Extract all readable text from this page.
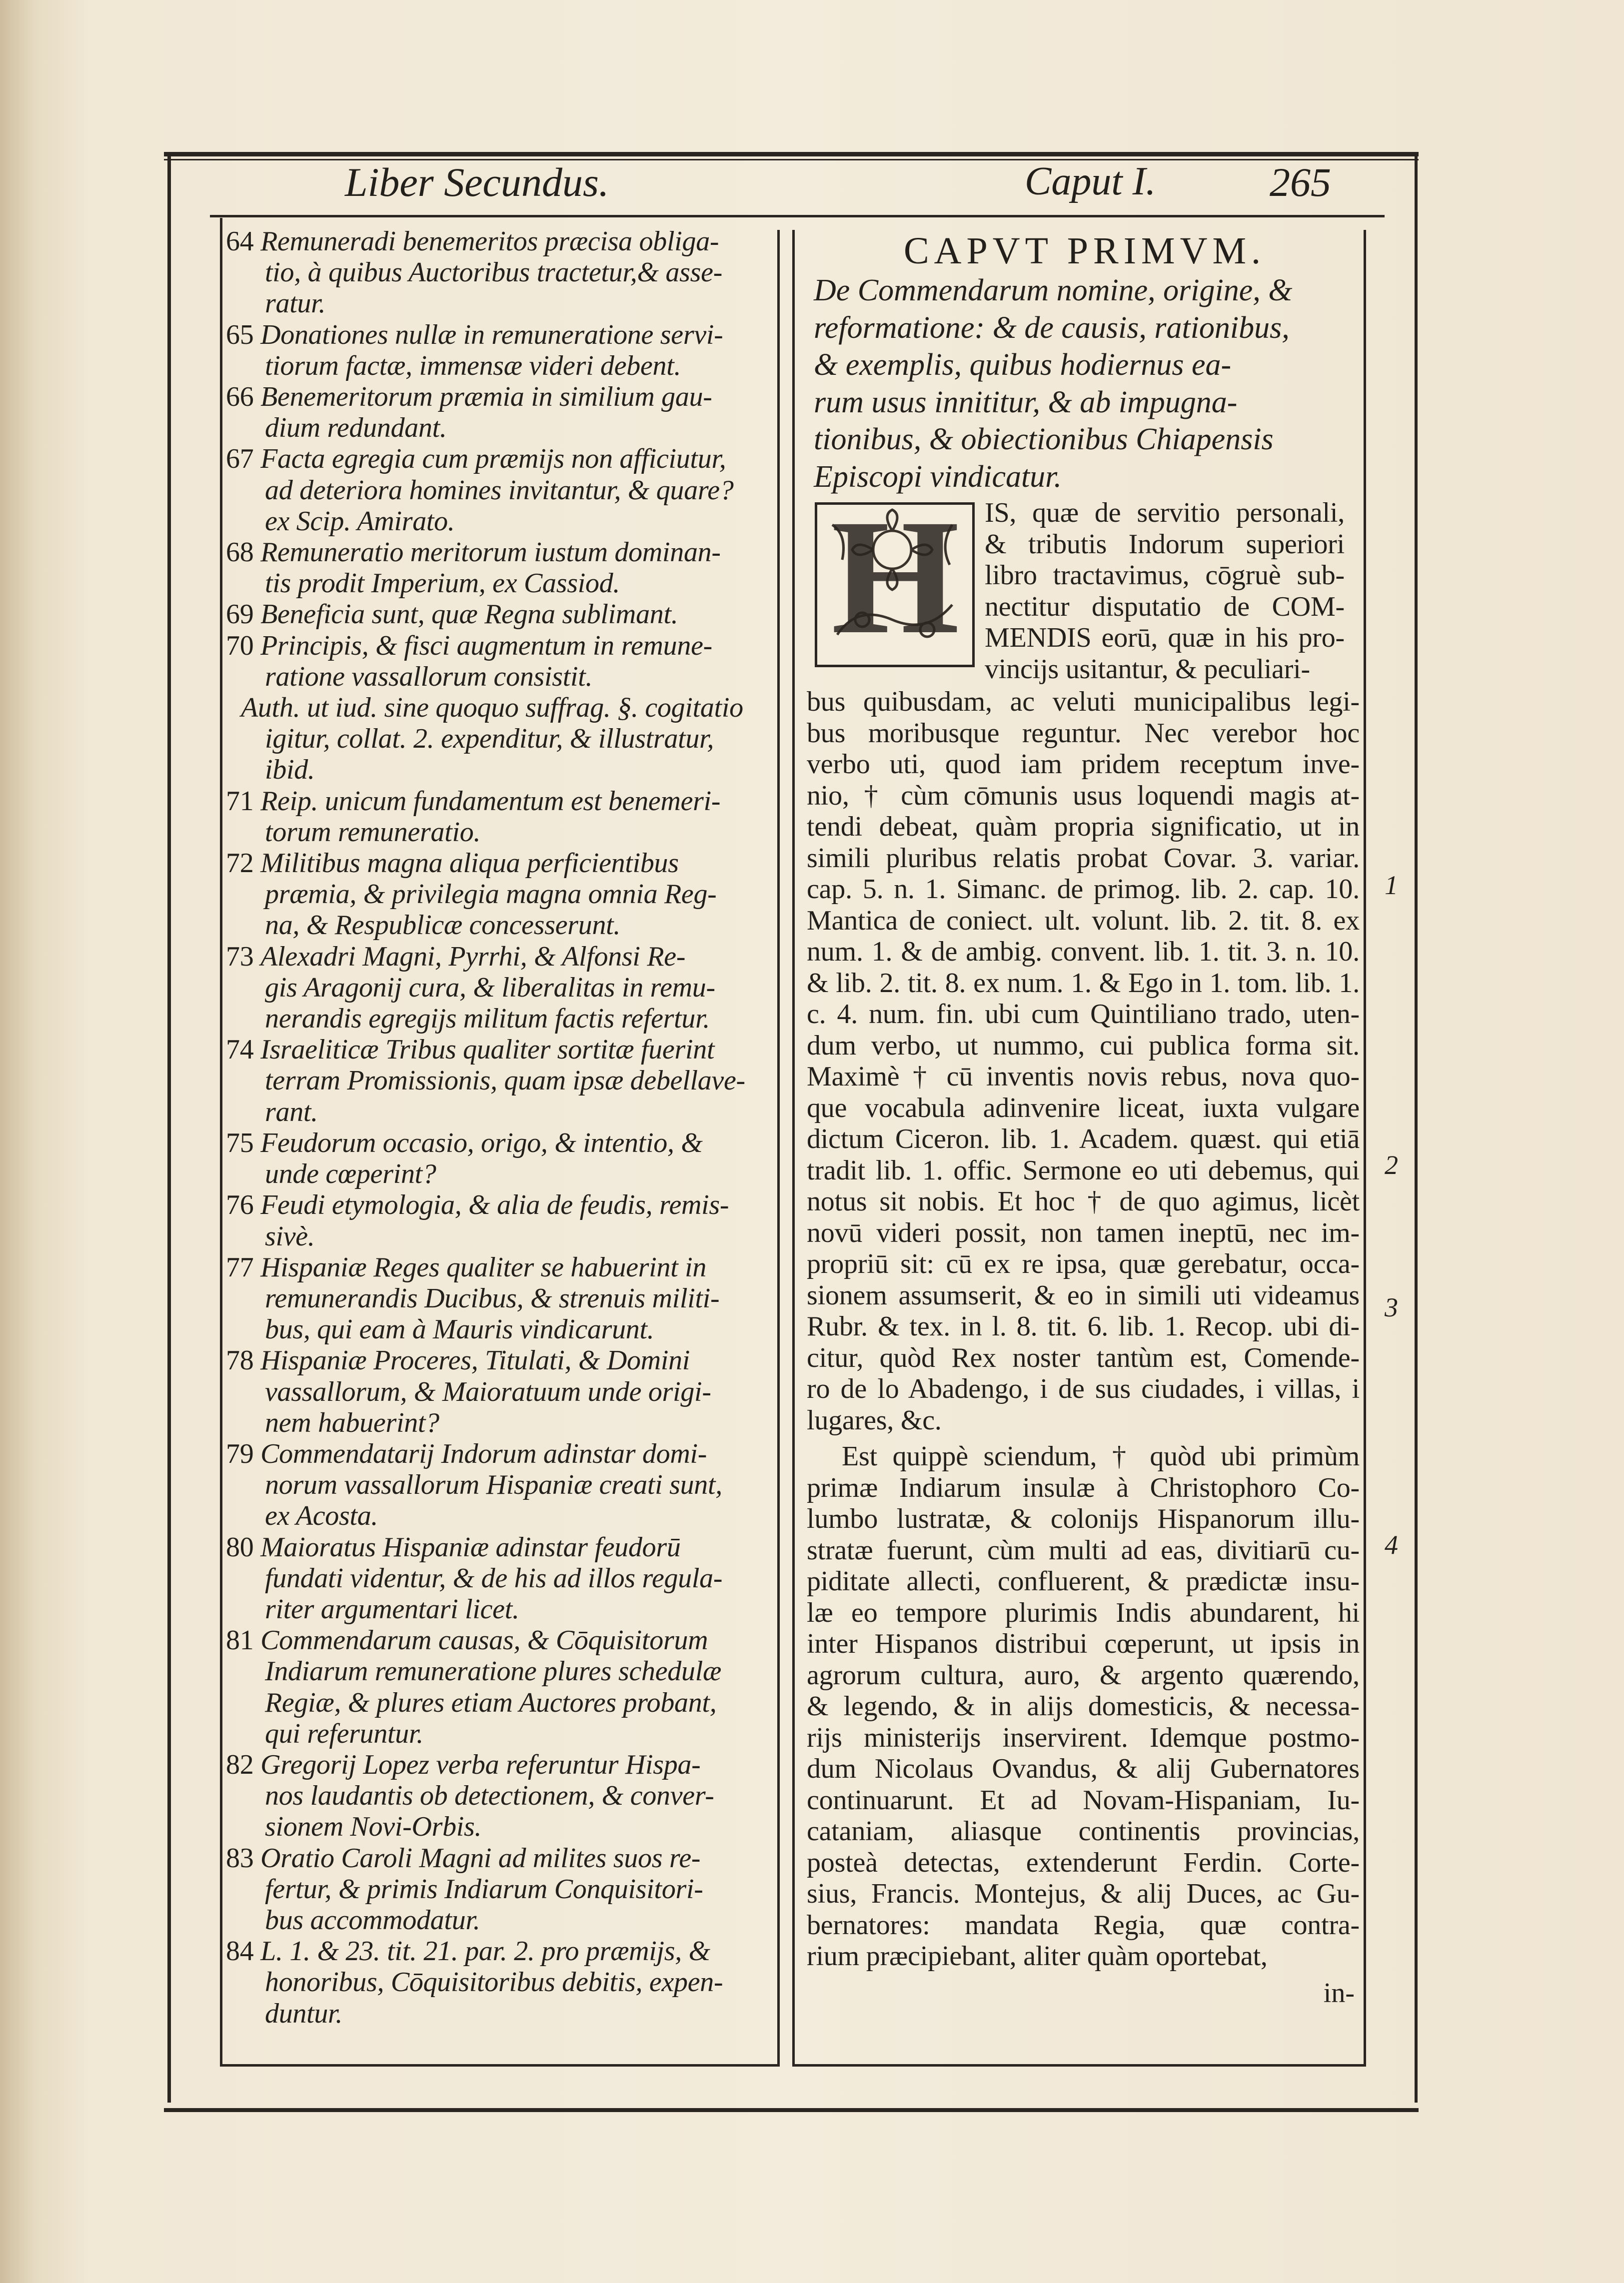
Liber Secundus.	Caput I.	265
64 Remuneradi benemeritos præcisa obliga-
tio, à quibus Auctoribus tractetur,& asse-
ratur.
65 Donationes nullæ in remuneratione servi-
tiorum factæ, immensæ videri debent.
66 Benemeritorum præmia in similium gau-
dium redundant.
67 Facta egregia cum præmijs non afficiutur,
ad deteriora homines invitantur, & quare?
ex Scip. Amirato.
68 Remuneratio meritorum iustum dominan-
tis prodit Imperium, ex Cassiod.
69 Beneficia sunt, quæ Regna sublimant.
70 Principis, & fisci augmentum in remune-
ratione vassallorum consistit.
Auth. ut iud. sine quoquo suffrag. §. cogitatio
igitur, collat. 2. expenditur, & illustratur,
ibid.
71 Reip. unicum fundamentum est benemeri-
torum remuneratio.
72 Militibus magna aliqua perficientibus
præmia, & privilegia magna omnia Reg-
na, & Respublicæ concesserunt.
73 Alexadri Magni, Pyrrhi, & Alfonsi Re-
gis Aragonij cura, & liberalitas in remu-
nerandis egregijs militum factis refertur.
74 Israeliticæ Tribus qualiter sortitæ fuerint
terram Promissionis, quam ipsæ debellave-
rant.
75 Feudorum occasio, origo, & intentio, &
unde cœperint?
76 Feudi etymologia, & alia de feudis, remis-
sivè.
77 Hispaniæ Reges qualiter se habuerint in
remunerandis Ducibus, & strenuis militi-
bus, qui eam à Mauris vindicarunt.
78 Hispaniæ Proceres, Titulati, & Domini
vassallorum, & Maioratuum unde origi-
nem habuerint?
79 Commendatarij Indorum adinstar domi-
norum vassallorum Hispaniæ creati sunt,
ex Acosta.
80 Maioratus Hispaniæ adinstar feudorū
fundati videntur, & de his ad illos regula-
riter argumentari licet.
81 Commendarum causas, & Cōquisitorum
Indiarum remuneratione plures schedulæ
Regiæ, & plures etiam Auctores probant,
qui referuntur.
82 Gregorij Lopez verba referuntur Hispa-
nos laudantis ob detectionem, & conver-
sionem Novi-Orbis.
83 Oratio Caroli Magni ad milites suos re-
fertur, & primis Indiarum Conquisitori-
bus accommodatur.
84 L. 1. & 23. tit. 21. par. 2. pro præmijs, &
honoribus, Cōquisitoribus debitis, expen-
duntur.
CAPVT PRIMVM.
De Commendarum nomine, origine, &
reformatione: & de causis, rationibus,
& exemplis, quibus hodiernus ea-
rum usus innititur, & ab impugna-
tionibus, & obiectionibus Chiapensis
Episcopi vindicatur.
H IS, quæ de servitio personali,
& tributis Indorum superiori
libro tractavimus, cōgruè sub-
nectitur disputatio de COM-
MENDIS eorū, quæ in his pro-
vincijs usitantur, & peculiari-
bus quibusdam, ac veluti municipalibus legi-
bus moribusque reguntur. Nec verebor hoc
verbo uti, quod iam pridem receptum inve-
nio, † cùm cōmunis usus loquendi magis at-
tendi debeat, quàm propria significatio, ut in
simili pluribus relatis probat Covar. 3. variar.
cap. 5. n. 1. Simanc. de primog. lib. 2. cap. 10.
Mantica de coniect. ult. volunt. lib. 2. tit. 8. ex
num. 1. & de ambig. convent. lib. 1. tit. 3. n. 10.
& lib. 2. tit. 8. ex num. 1. & Ego in 1. tom. lib. 1.
c. 4. num. fin. ubi cum Quintiliano trado, uten-
dum verbo, ut nummo, cui publica forma sit.
Maximè † cū inventis novis rebus, nova quo-
que vocabula adinvenire liceat, iuxta vulgare
dictum Ciceron. lib. 1. Academ. quæst. qui etiā
tradit lib. 1. offic. Sermone eo uti debemus, qui
notus sit nobis. Et hoc † de quo agimus, licèt
novū videri possit, non tamen ineptū, nec im-
propriū sit: cū ex re ipsa, quæ gerebatur, occa-
sionem assumserit, & eo in simili uti videamus
Rubr. & tex. in l. 8. tit. 6. lib. 1. Recop. ubi di-
citur, quòd Rex noster tantùm est, Comende-
ro de lo Abadengo, i de sus ciudades, i villas, i
lugares, &c.
Est quippè sciendum, † quòd ubi primùm
primæ Indiarum insulæ à Christophoro Co-
lumbo lustratæ, & colonijs Hispanorum illu-
stratæ fuerunt, cùm multi ad eas, divitiarū cu-
piditate allecti, confluerent, & prædictæ insu-
læ eo tempore plurimis Indis abundarent, hi
inter Hispanos distribui cœperunt, ut ipsis in
agrorum cultura, auro, & argento quærendo,
& legendo, & in alijs domesticis, & necessa-
rijs ministerijs inservirent. Idemque postmo-
dum Nicolaus Ovandus, & alij Gubernatores
continuarunt. Et ad Novam-Hispaniam, Iu-
cataniam, aliasque continentis provincias,
posteà detectas, extenderunt Ferdin. Corte-
sius, Francis. Montejus, & alij Duces, ac Gu-
bernatores: mandata Regia, quæ contra-
rium præcipiebant, aliter quàm oportebat,
in-
1
2
3
4
